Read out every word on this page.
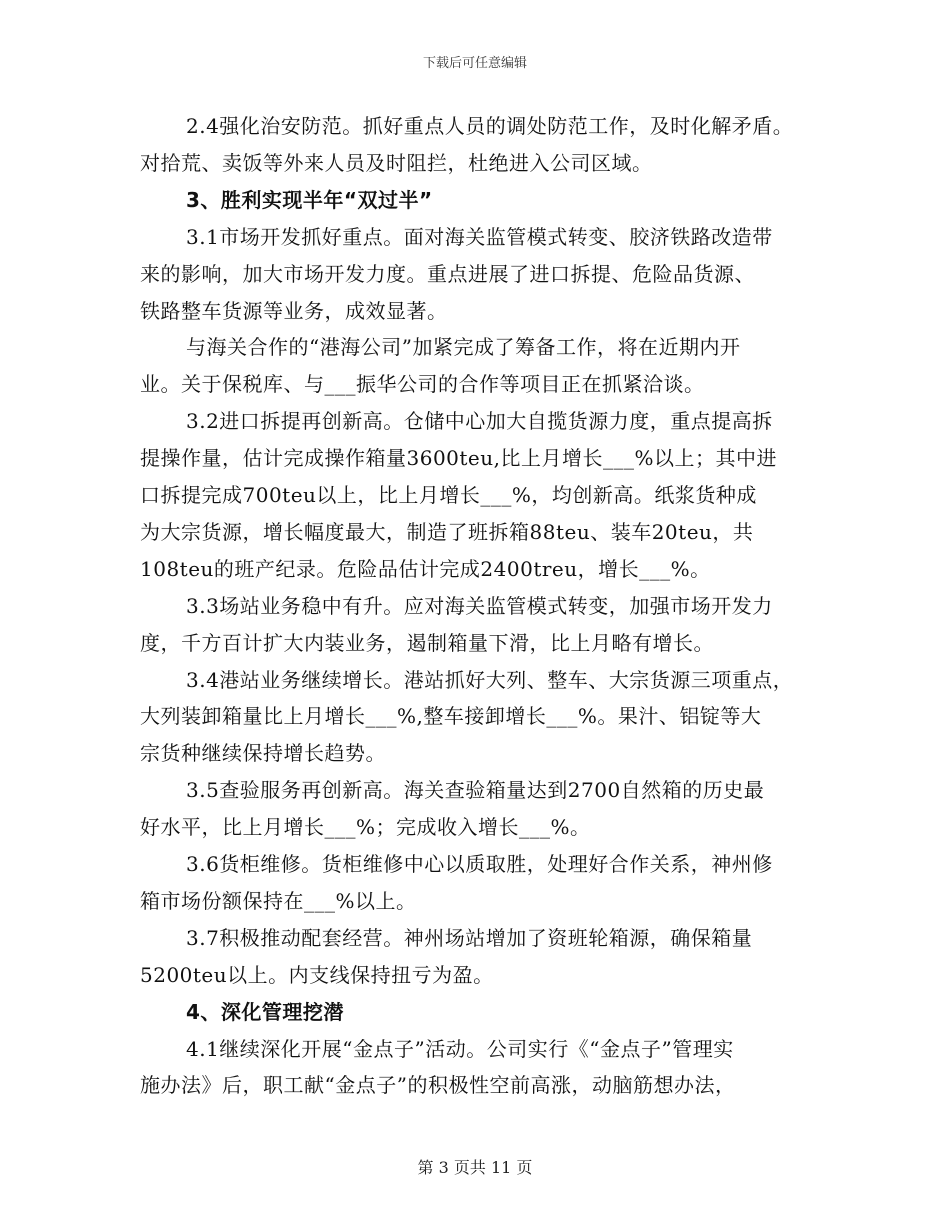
下载后可任意编辑
2.4强化治安防范。抓好重点人员的调处防范工作，及时化解矛盾。
对拾荒、卖饭等外来人员及时阻拦，杜绝进入公司区域。
3、胜利实现半年“双过半”
3.1市场开发抓好重点。面对海关监管模式转变、胶济铁路改造带
来的影响，加大市场开发力度。重点进展了进口拆提、危险品货源、
铁路整车货源等业务，成效显著。
与海关合作的“港海公司”加紧完成了筹备工作，将在近期内开
业。关于保税库、与___振华公司的合作等项目正在抓紧洽谈。
3.2进口拆提再创新高。仓储中心加大自揽货源力度，重点提高拆
提操作量，估计完成操作箱量3600teu,比上月增长___%以上；其中进
口拆提完成700teu以上，比上月增长___%，均创新高。纸浆货种成
为大宗货源，增长幅度最大，制造了班拆箱88teu、装车20teu，共
108teu的班产纪录。危险品估计完成2400treu，增长___%。
3.3场站业务稳中有升。应对海关监管模式转变，加强市场开发力
度，千方百计扩大内装业务，遏制箱量下滑，比上月略有增长。
3.4港站业务继续增长。港站抓好大列、整车、大宗货源三项重点，
大列装卸箱量比上月增长___%,整车接卸增长___%。果汁、铝锭等大
宗货种继续保持增长趋势。
3.5查验服务再创新高。海关查验箱量达到2700自然箱的历史最
好水平，比上月增长___%；完成收入增长___%。
3.6货柜维修。货柜维修中心以质取胜，处理好合作关系，神州修
箱市场份额保持在___%以上。
3.7积极推动配套经营。神州场站增加了资班轮箱源，确保箱量
5200teu以上。内支线保持扭亏为盈。
4、深化管理挖潜
4.1继续深化开展“金点子”活动。公司实行《“金点子”管理实
施办法》后，职工献“金点子”的积极性空前高涨，动脑筋想办法，
第 3 页共 11 页
